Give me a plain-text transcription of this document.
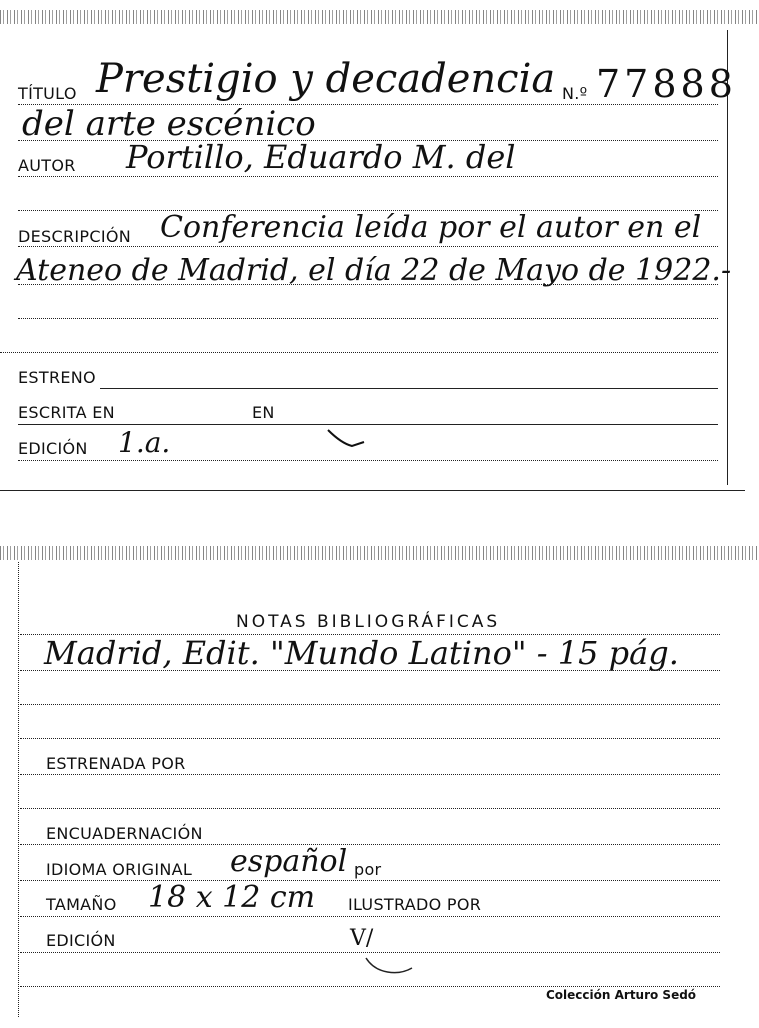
TÍTULO Prestigio y decadencia N.º 77888
del arte escénico
AUTOR Portillo, Eduardo M. del
DESCRIPCIÓN Conferencia leída por el autor en el
Ateneo de Madrid, el día 22 de Mayo de 1922.-
ESTRENO
ESCRITA EN	EN
EDICIÓN 1.a.
NOTAS BIBLIOGRÁFICAS
Madrid, Edit. "Mundo Latino" - 15 pág.
ESTRENADA POR
ENCUADERNACIÓN
IDIOMA ORIGINAL español por
TAMAÑO 18 x 12 cm ILUSTRADO POR
EDICIÓN	V/
Colección Arturo Sedó
